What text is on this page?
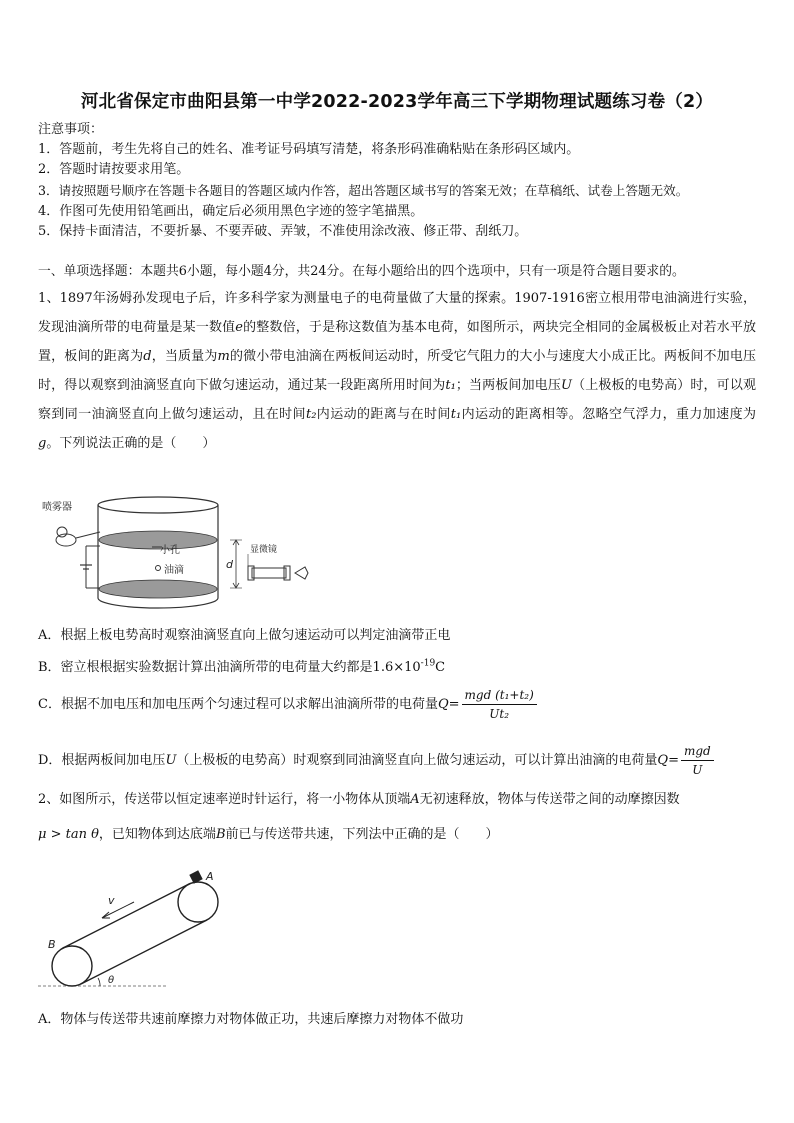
河北省保定市曲阳县第一中学2022-2023学年高三下学期物理试题练习卷（2）
注意事项：
1．答题前，考生先将自己的姓名、准考证号码填写清楚，将条形码准确粘贴在条形码区域内。
2．答题时请按要求用笔。
3．请按照题号顺序在答题卡各题目的答题区域内作答，超出答题区域书写的答案无效；在草稿纸、试卷上答题无效。
4．作图可先使用铅笔画出，确定后必须用黑色字迹的签字笔描黑。
5．保持卡面清洁，不要折暴、不要弄破、弄皱，不准使用涂改液、修正带、刮纸刀。
一、单项选择题：本题共6小题，每小题4分，共24分。在每小题给出的四个选项中，只有一项是符合题目要求的。
1、1897年汤姆孙发现电子后，许多科学家为测量电子的电荷量做了大量的探索。1907-1916密立根用带电油滴进行实验，发现油滴所带的电荷量是某一数值e的整数倍，于是称这数值为基本电荷，如图所示，两块完全相同的金属极板止对若水平放置，板间的距离为d，当质量为m的微小带电油滴在两板间运动时，所受它气阻力的大小与速度大小成正比。两板间不加电压时，得以观察到油滴竖直向下做匀速运动，通过某一段距离所用时间为t₁；当两板间加电压U（上极板的电势高）时，可以观察到同一油滴竖直向上做匀速运动，且在时间t₂内运动的距离与在时间t₁内运动的距离相等。忽略空气浮力，重力加速度为g。下列说法正确的是（　　）
喷雾器
小孔
油滴
显微镜
d
A．根据上板电势高时观察油滴竖直向上做匀速运动可以判定油滴带正电
B．密立根根据实验数据计算出油滴所带的电荷量大约都是$1.6\times 10^{-19}C$
C．根据不加电压和加电压两个匀速过程可以求解出油滴所带的电荷量$Q= \frac{\text{mgd (t₁+t₂)}}{\text{Ut₂}}$
D．根据两板间加电压U（上极板的电势高）时观察到同油滴竖直向上做匀速运动，可以计算出油滴的电荷量$Q= \frac{\text{mgd}}{U}$
2、如图所示，传送带以恒定速率逆时针运行，将一小物体从顶端A无初速释放，物体与传送带之间的动摩擦因数
μ > tan θ，已知物体到达底端B前已与传送带共速，下列法中正确的是（　　）
A
B
v
θ
A．物体与传送带共速前摩擦力对物体做正功，共速后摩擦力对物体不做功
